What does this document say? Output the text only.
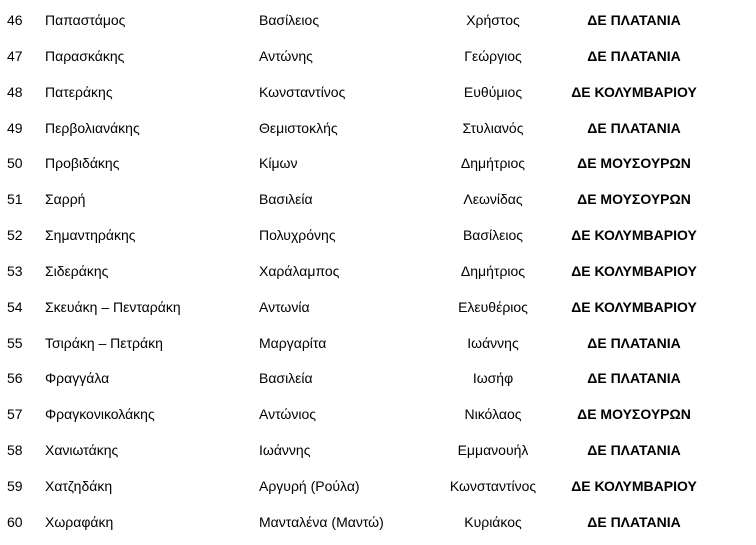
46 Παπαστάμος	Βασίλειος	Χρήστος	ΔΕ ΠΛΑΤΑΝΙΑ
47 Παρασκάκης	Αντώνης	Γεώργιος	ΔΕ ΠΛΑΤΑΝΙΑ
48 Πατεράκης	Κωνσταντίνος	Ευθύμιος	ΔΕ ΚΟΛΥΜΒΑΡΙΟΥ
49 Περβολιανάκης	Θεμιστοκλής	Στυλιανός	ΔΕ ΠΛΑΤΑΝΙΑ
50 Προβιδάκης	Κίμων	Δημήτριος	ΔΕ ΜΟΥΣΟΥΡΩΝ
51 Σαρρή	Βασιλεία	Λεωνίδας	ΔΕ ΜΟΥΣΟΥΡΩΝ
52 Σημαντηράκης	Πολυχρόνης	Βασίλειος	ΔΕ ΚΟΛΥΜΒΑΡΙΟΥ
53 Σιδεράκης	Χαράλαμπος	Δημήτριος	ΔΕ ΚΟΛΥΜΒΑΡΙΟΥ
54 Σκευάκη – Πενταράκη	Αντωνία	Ελευθέριος	ΔΕ ΚΟΛΥΜΒΑΡΙΟΥ
55 Τσιράκη – Πετράκη	Μαργαρίτα	Ιωάννης	ΔΕ ΠΛΑΤΑΝΙΑ
56 Φραγγάλα	Βασιλεία	Ιωσήφ	ΔΕ ΠΛΑΤΑΝΙΑ
57 Φραγκονικολάκης	Αντώνιος	Νικόλαος	ΔΕ ΜΟΥΣΟΥΡΩΝ
58 Χανιωτάκης	Ιωάννης	Εμμανουήλ	ΔΕ ΠΛΑΤΑΝΙΑ
59 Χατζηδάκη	Αργυρή (Ρούλα)	Κωνσταντίνος	ΔΕ ΚΟΛΥΜΒΑΡΙΟΥ
60 Χωραφάκη	Μανταλένα (Μαντώ)	Κυριάκος	ΔΕ ΠΛΑΤΑΝΙΑ
